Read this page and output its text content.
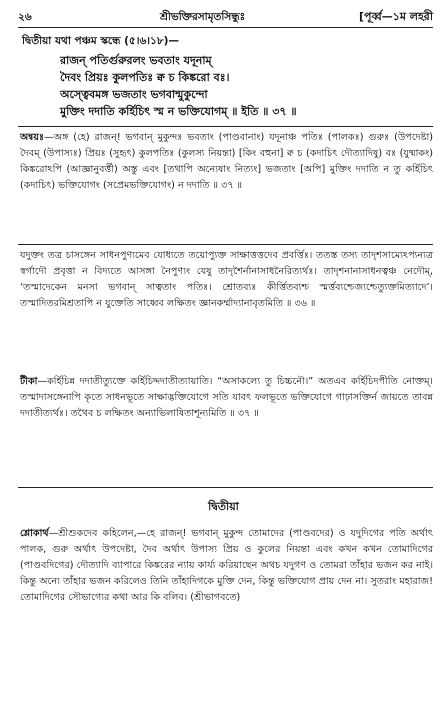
২৬	শ্রীভক্তিরসামৃতসিন্ধুঃ	[পূর্ব্ব—১ম লহরী
দ্বিতীয়া যথা পঞ্চম স্কন্ধে (৫।৬।১৮)—
রাজন্ পতির্গুরুরলং ভবতাং যদূনাম্
দৈবং প্রিয়ঃ কুলপতিঃ ক্ব চ কিঙ্করো বঃ।
অস্ত্বেবমঙ্গ ভজতাং ভগবান্মুকুন্দো
মুক্তিং দদাতি কর্হিচিৎ স্ম ন ভক্তিযোগম্ ॥ ইতি ॥ ৩৭ ॥

অন্বয়ঃ—অঙ্গ (হে) রাজন্! ভগবান্ মুকুন্দঃ ভবতাং (পাণ্ডবানাং) যদূনাঞ্চ পতিঃ (পালকঃ) গুরুঃ (উপদেষ্টা) দৈবম্ (উপাস্যঃ) প্রিয়ঃ (সুহৃৎ) কুলপতিঃ (কুলস্য নিয়ন্তা) [কিং বহুনা] ক্ব চ (কদাচিৎ দৌত্যাদিষু) বঃ (যুষ্মাকং) কিঙ্করোঽপি (আজ্ঞানুবর্ত্তী) অস্তু এবং [তথাপি অন্যেষাং নিত্যং] ভজতাং [অপি] মুক্তিং দদাতি ন তু কর্হিচিৎ (কদাচিৎ) ভক্তিযোগং (সপ্রেমভক্তিযোগং) ন দদাতি ॥ ৩৭ ॥

যদুক্তং তত্র চাসঙ্গেন সাধনপুণ্যমেব যোধ্যতে তয়োপ্যুক্ত সাক্ষাত্তত্তদেব প্রবর্ত্তিঃ। ততস্ত তস্য তাদৃশসাম্যেঽপ্যন্যত্র স্বর্গাদৌ প্রবৃত্তা ন বিদ্যতে আসঙ্গা নৈপুণ্যং যেষু তাদৃশৈর্নানাসাধনৈরিত্যর্থঃ। তাদৃশনানাসাধনত্বঞ্চ নেদৌম্, ‘তস্মাদেকেন মনসা ভগবান্ সাত্বতাং পতিঃ। শ্রোতব্যঃ কীর্ত্তিতব্যশ্চ স্মর্ত্তব্যশ্চেজ্যশ্চেত্যুক্তমিত্যাদে’। তস্মাদিতরমিশ্রতাপি ন যুক্তেতি সাধ্বেব লক্ষিতং জ্ঞানকর্ম্মাদ্যানাবৃতমিতি ॥ ৩৬ ॥

টীকা—কর্হিচিন্ন দদাতীত্যুক্তে কর্হিচিদ্দদাতীত্যায়াতি। “অসাকল্যে তু চিচ্চনৌ।” অতএব কর্হিচিদপীতি নোক্তম্। তস্মাদাসঙ্গেনাপি কৃতে সাধনভূতে সাক্ষাদ্ভক্তিযোগে সতি যাবৎ ফলভূতে ভক্তিযোগে গাঢ়াসক্তির্ন জায়তে তাবন্ন দদাতীত্যর্থঃ। তথৈব চ লক্ষিতং অন্যাভিলাষিতাশূন্যমিতি ॥ ৩৭ ॥

দ্বিতীয়া

শ্লোকার্থ—শ্রীশুকদেব কহিলেন,—হে রাজন্! ভগবান্ মুকুন্দ তোমাদের (পাণ্ডবদের) ও যদুদিগের পতি অর্থাৎ পালক, গুরু অর্থাৎ উপদেষ্টা, দৈব অর্থাৎ উপাস্য প্রিয় ও কুলের নিয়ন্তা এবং কখন কখন তোমাদিগের (পাণ্ডবদিগের) দৌত্যাদি ব্যাপারে কিঙ্করের ন্যায় কার্য্য করিয়াছেন অথচ যদুগণ ও তোমরা তাঁহার ভজন কর নাই। কিন্তু অন্যে তাঁহার ভজন করিলেও তিনি তাঁহাদিগকে মুক্তি দেন, কিন্তু ভক্তিযোগ প্রায় দেন না। সুতরাং মহারাজ! তোমাদিগের সৌভাগ্যের কথা আর কি বলিব। (শ্রীভাগবতে)
